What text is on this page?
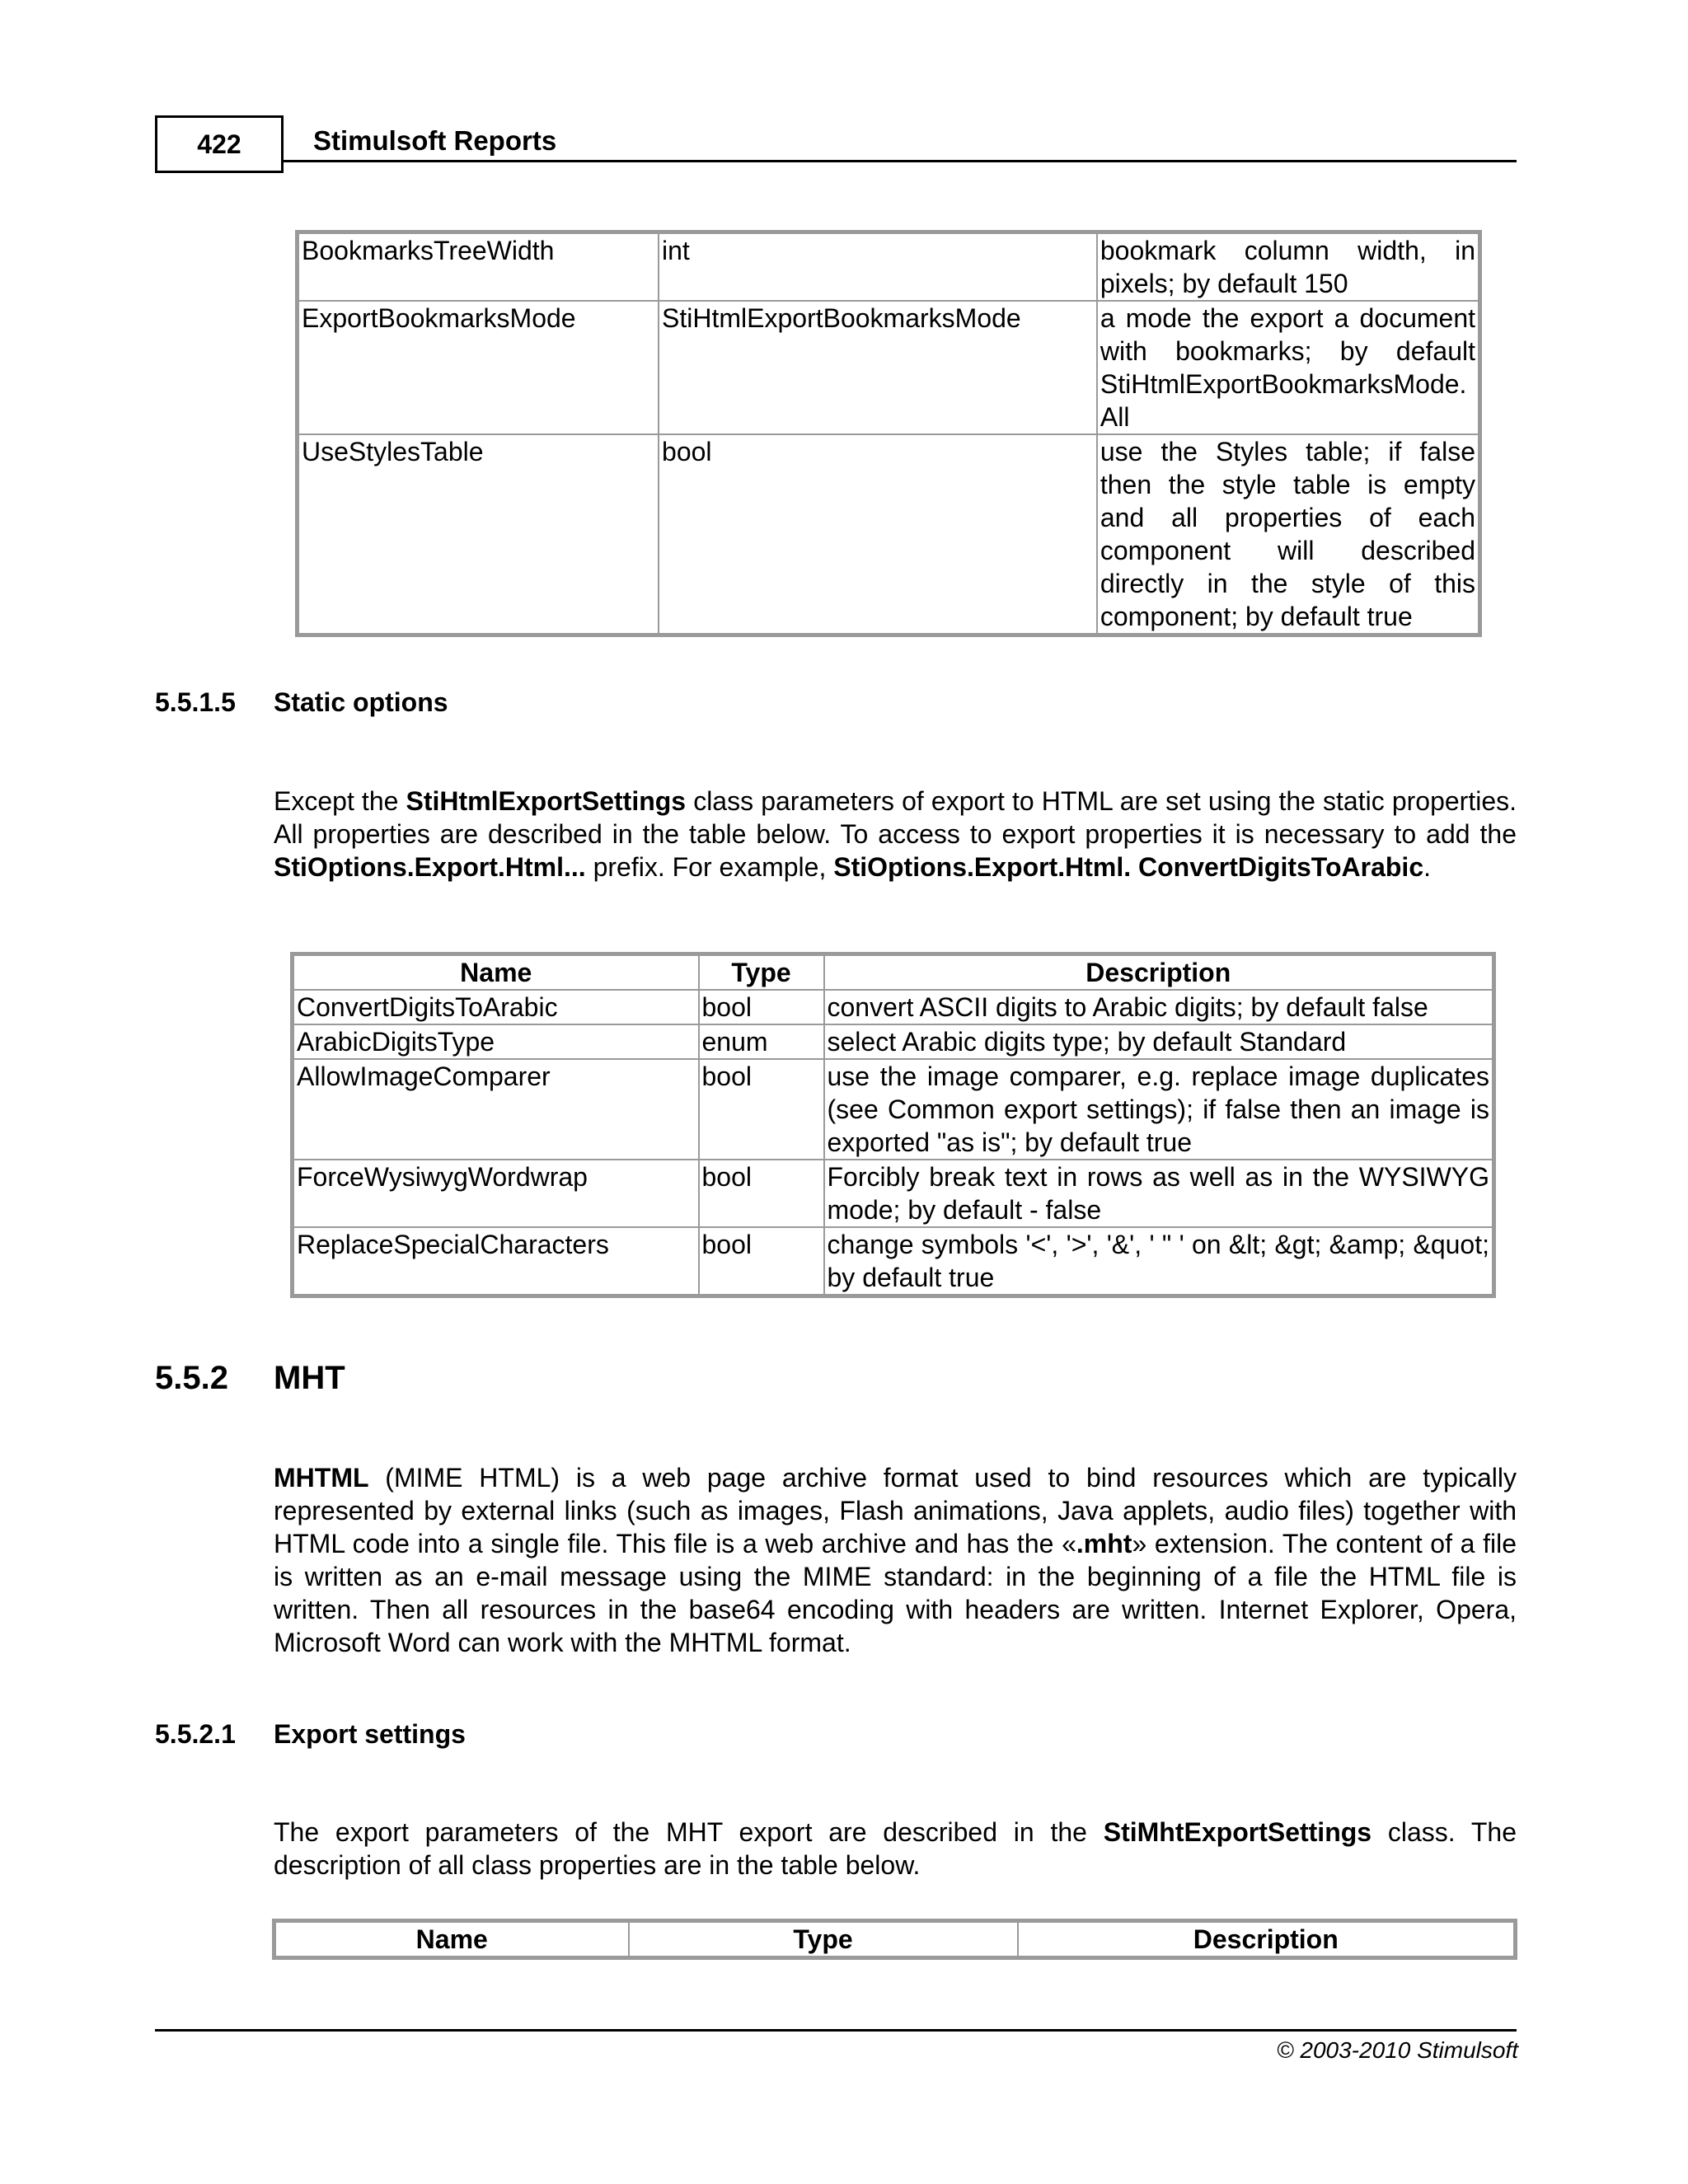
422	Stimulsoft Reports
BookmarksTreeWidth	int	bookmark column width, in pixels; by default 150
ExportBookmarksMode	StiHtmlExportBookmarksMode	a mode the export a document with bookmarks; by default StiHtmlExportBookmarksMode. All
UseStylesTable	bool	use the Styles table; if false then the style table is empty and all properties of each component will described directly in the style of this component; by default true
5.5.1.5 Static options
Except the StiHtmlExportSettings class parameters of export to HTML are set using the static properties. All properties are described in the table below. To access to export properties it is necessary to add the StiOptions.Export.Html... prefix. For example, StiOptions.Export.Html. ConvertDigitsToArabic.
Name	Type	Description
ConvertDigitsToArabic	bool	convert ASCII digits to Arabic digits; by default false
ArabicDigitsType	enum	select Arabic digits type; by default Standard
AllowImageComparer	bool	use the image comparer, e.g. replace image duplicates (see Common export settings); if false then an image is exported "as is"; by default true
ForceWysiwygWordwrap	bool	Forcibly break text in rows as well as in the WYSIWYG mode; by default - false
ReplaceSpecialCharacters	bool	change symbols '<', '>', '&', ' " ' on &lt; &gt; &amp; &quot; by default true
5.5.2 MHT
MHTML (MIME HTML) is a web page archive format used to bind resources which are typically represented by external links (such as images, Flash animations, Java applets, audio files) together with HTML code into a single file. This file is a web archive and has the «.mht» extension. The content of a file is written as an e-mail message using the MIME standard: in the beginning of a file the HTML file is written. Then all resources in the base64 encoding with headers are written. Internet Explorer, Opera, Microsoft Word can work with the MHTML format.
5.5.2.1 Export settings
The export parameters of the MHT export are described in the StiMhtExportSettings class. The description of all class properties are in the table below.
Name	Type	Description
© 2003-2010 Stimulsoft
